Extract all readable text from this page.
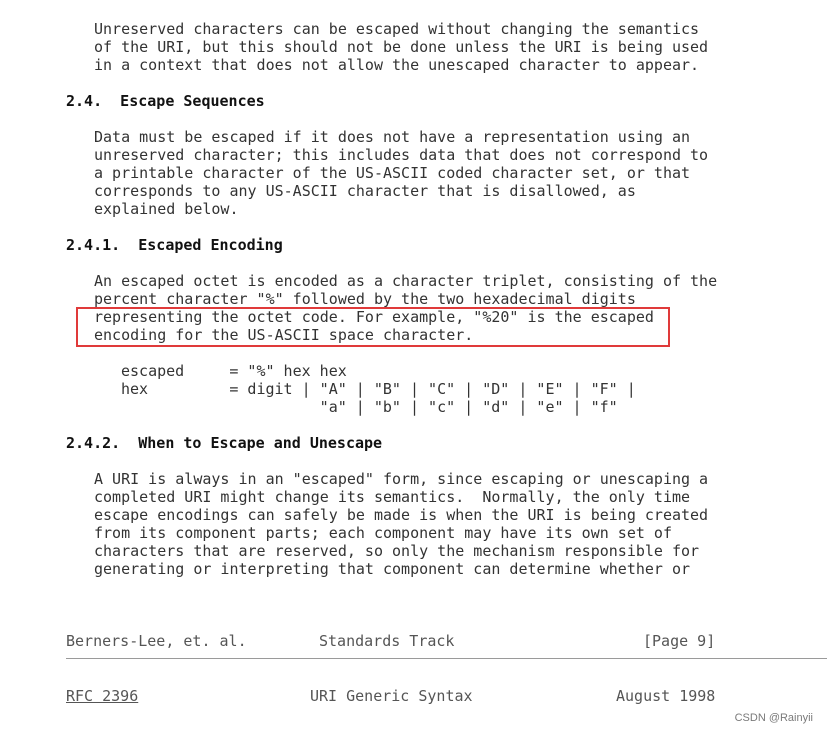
Unreserved characters can be escaped without changing the semantics
of the URI, but this should not be done unless the URI is being used
in a context that does not allow the unescaped character to appear.
2.4.  Escape Sequences
Data must be escaped if it does not have a representation using an
unreserved character; this includes data that does not correspond to
a printable character of the US-ASCII coded character set, or that
corresponds to any US-ASCII character that is disallowed, as
explained below.
2.4.1.  Escaped Encoding
An escaped octet is encoded as a character triplet, consisting of the
percent character "%" followed by the two hexadecimal digits
representing the octet code. For example, "%20" is the escaped
encoding for the US-ASCII space character.
escaped     = "%" hex hex
hex         = digit | "A" | "B" | "C" | "D" | "E" | "F" |
"a" | "b" | "c" | "d" | "e" | "f"
2.4.2.  When to Escape and Unescape
A URI is always in an "escaped" form, since escaping or unescaping a
completed URI might change its semantics.  Normally, the only time
escape encodings can safely be made is when the URI is being created
from its component parts; each component may have its own set of
characters that are reserved, so only the mechanism responsible for
generating or interpreting that component can determine whether or
Berners-Lee, et. al.	Standards Track	[Page 9]
RFC 2396	URI Generic Syntax	August 1998
CSDN @Rainyii
